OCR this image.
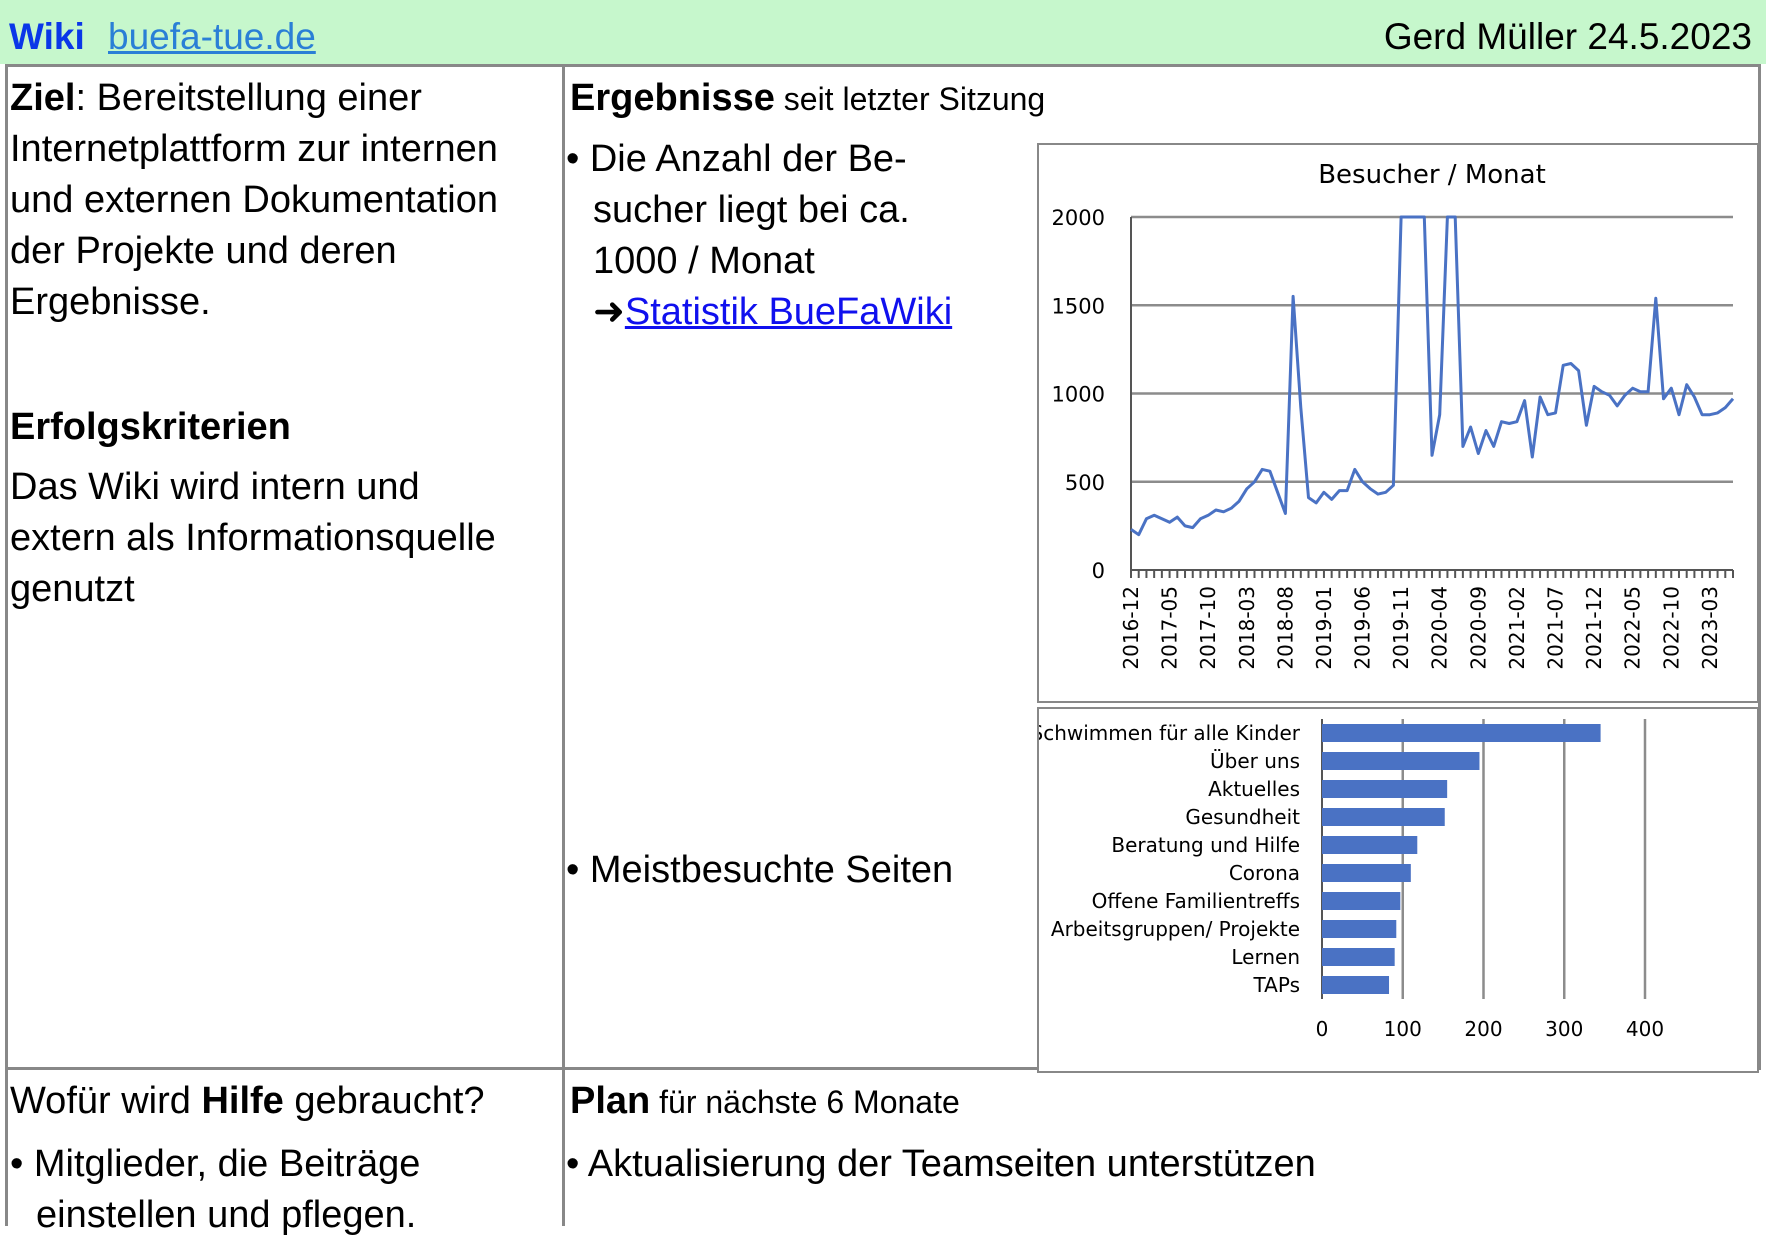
Wiki buefa-tue.de	Gerd Müller 24.5.2023
Ziel: Bereitstellung einer
Internetplattform zur internen
und externen Dokumentation
der Projekte und deren
Ergebnisse.
Erfolgskriterien
Das Wiki wird intern und
extern als Informationsquelle
genutzt
Ergebnisse seit letzter Sitzung
• Die Anzahl der Be-
sucher liegt bei ca.
1000 / Monat
➜Statistik BueFaWiki
• Meistbesuchte Seiten
Besucher / Monat
0
500
1000
1500
2000
2016-12 2017-05 2017-10 2018-03 2018-08 2019-01 2019-06 2019-11 2020-04 2020-09 2021-02 2021-07 2021-12 2022-05 2022-10 2023-03
0	100 200 300 400
Schwimmen für alle Kinder
Über uns
Aktuelles
Gesundheit
Beratung und Hilfe
Corona
Offene Familientreffs
Arbeitsgruppen/ Projekte
Lernen
TAPs
Wofür wird Hilfe gebraucht?
• Mitglieder, die Beiträge
einstellen und pflegen.
Plan für nächste 6 Monate
• Aktualisierung der Teamseiten unterstützen
